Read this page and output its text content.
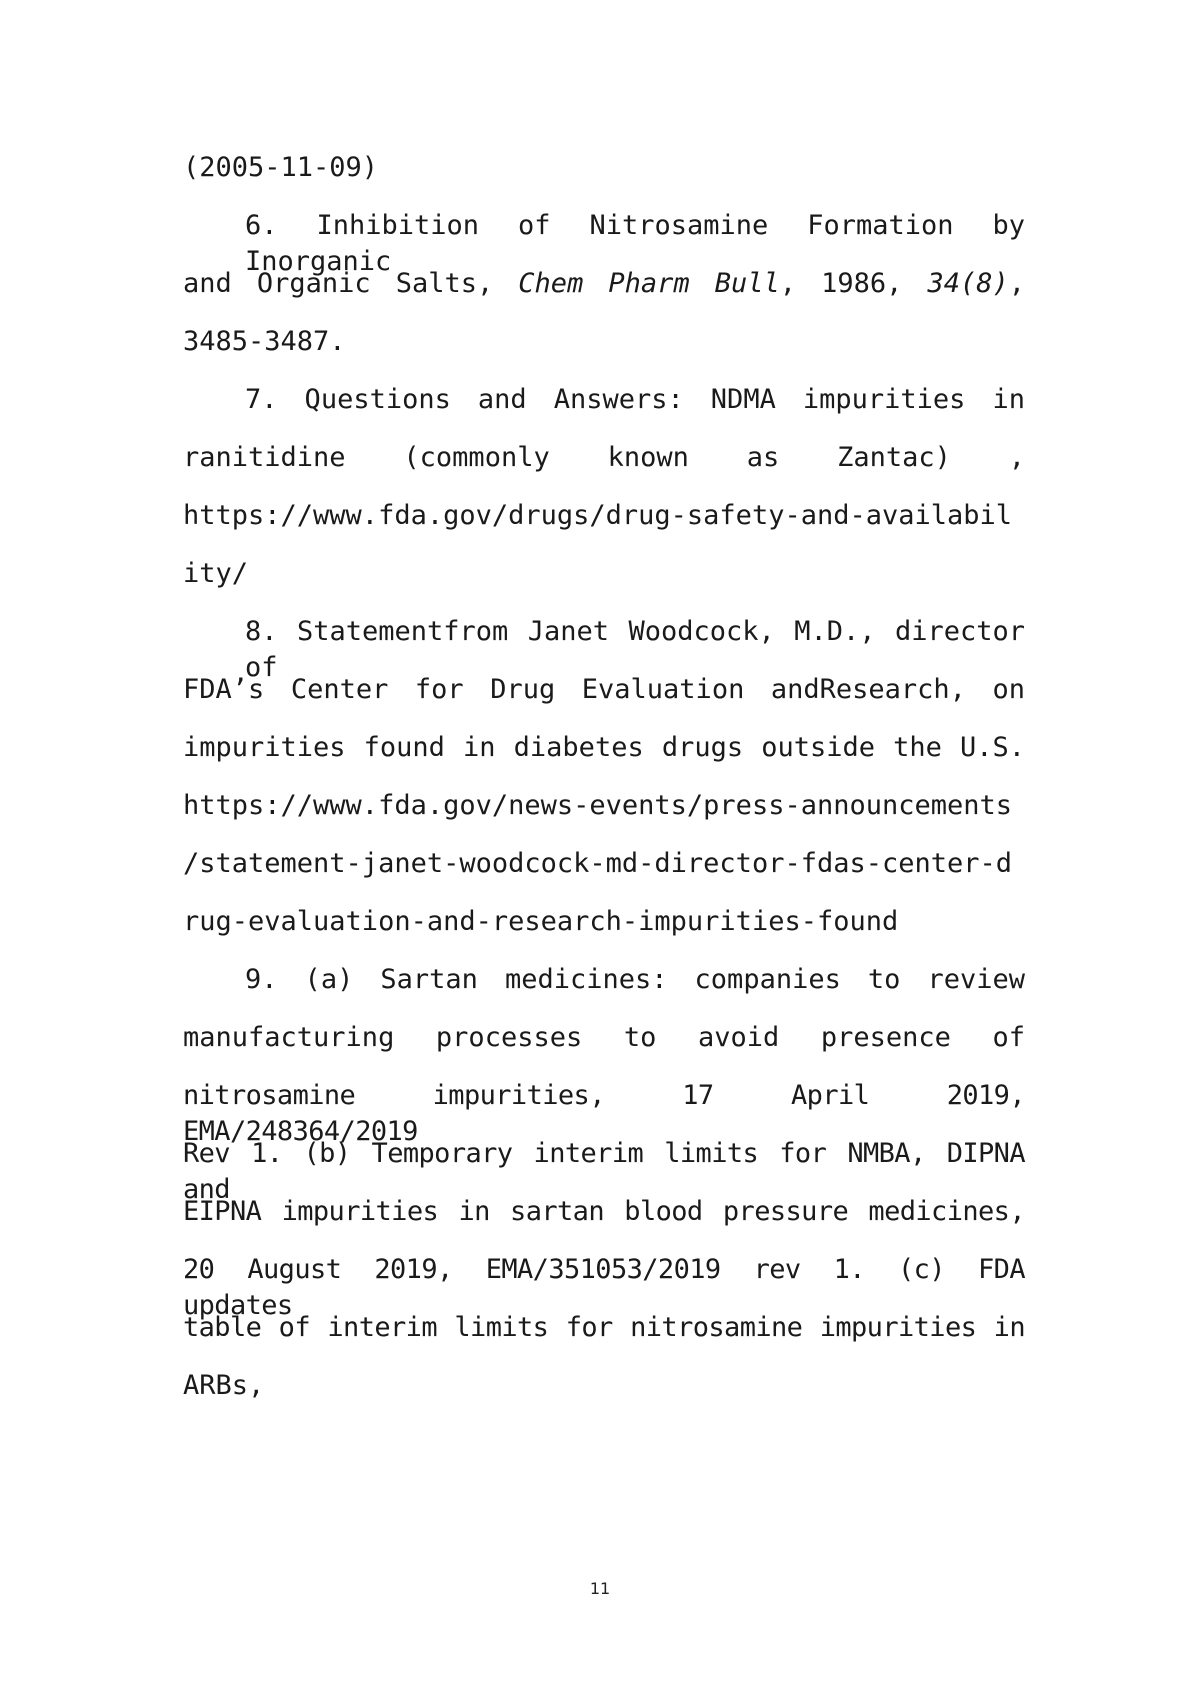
(2005-11-09)
6. Inhibition of Nitrosamine Formation by Inorganic
and Organic Salts, Chem Pharm Bull, 1986, 34(8),
3485-3487.
7. Questions and Answers: NDMA impurities in
ranitidine (commonly known as Zantac) ,
https://www.fda.gov/drugs/drug-safety-and-availabil
ity/
8. Statementfrom Janet Woodcock, M.D., director of
FDA’s Center for Drug Evaluation andResearch, on
impurities found in diabetes drugs outside the U.S.
https://www.fda.gov/news-events/press-announcements
/statement-janet-woodcock-md-director-fdas-center-d
rug-evaluation-and-research-impurities-found
9. (a) Sartan medicines: companies to review
manufacturing processes to avoid presence of
nitrosamine impurities, 17 April 2019, EMA/248364/2019
Rev 1. (b) Temporary interim limits for NMBA, DIPNA and
EIPNA impurities in sartan blood pressure medicines,
20 August 2019, EMA/351053/2019 rev 1. (c) FDA updates
table of interim limits for nitrosamine impurities in
ARBs,
11
